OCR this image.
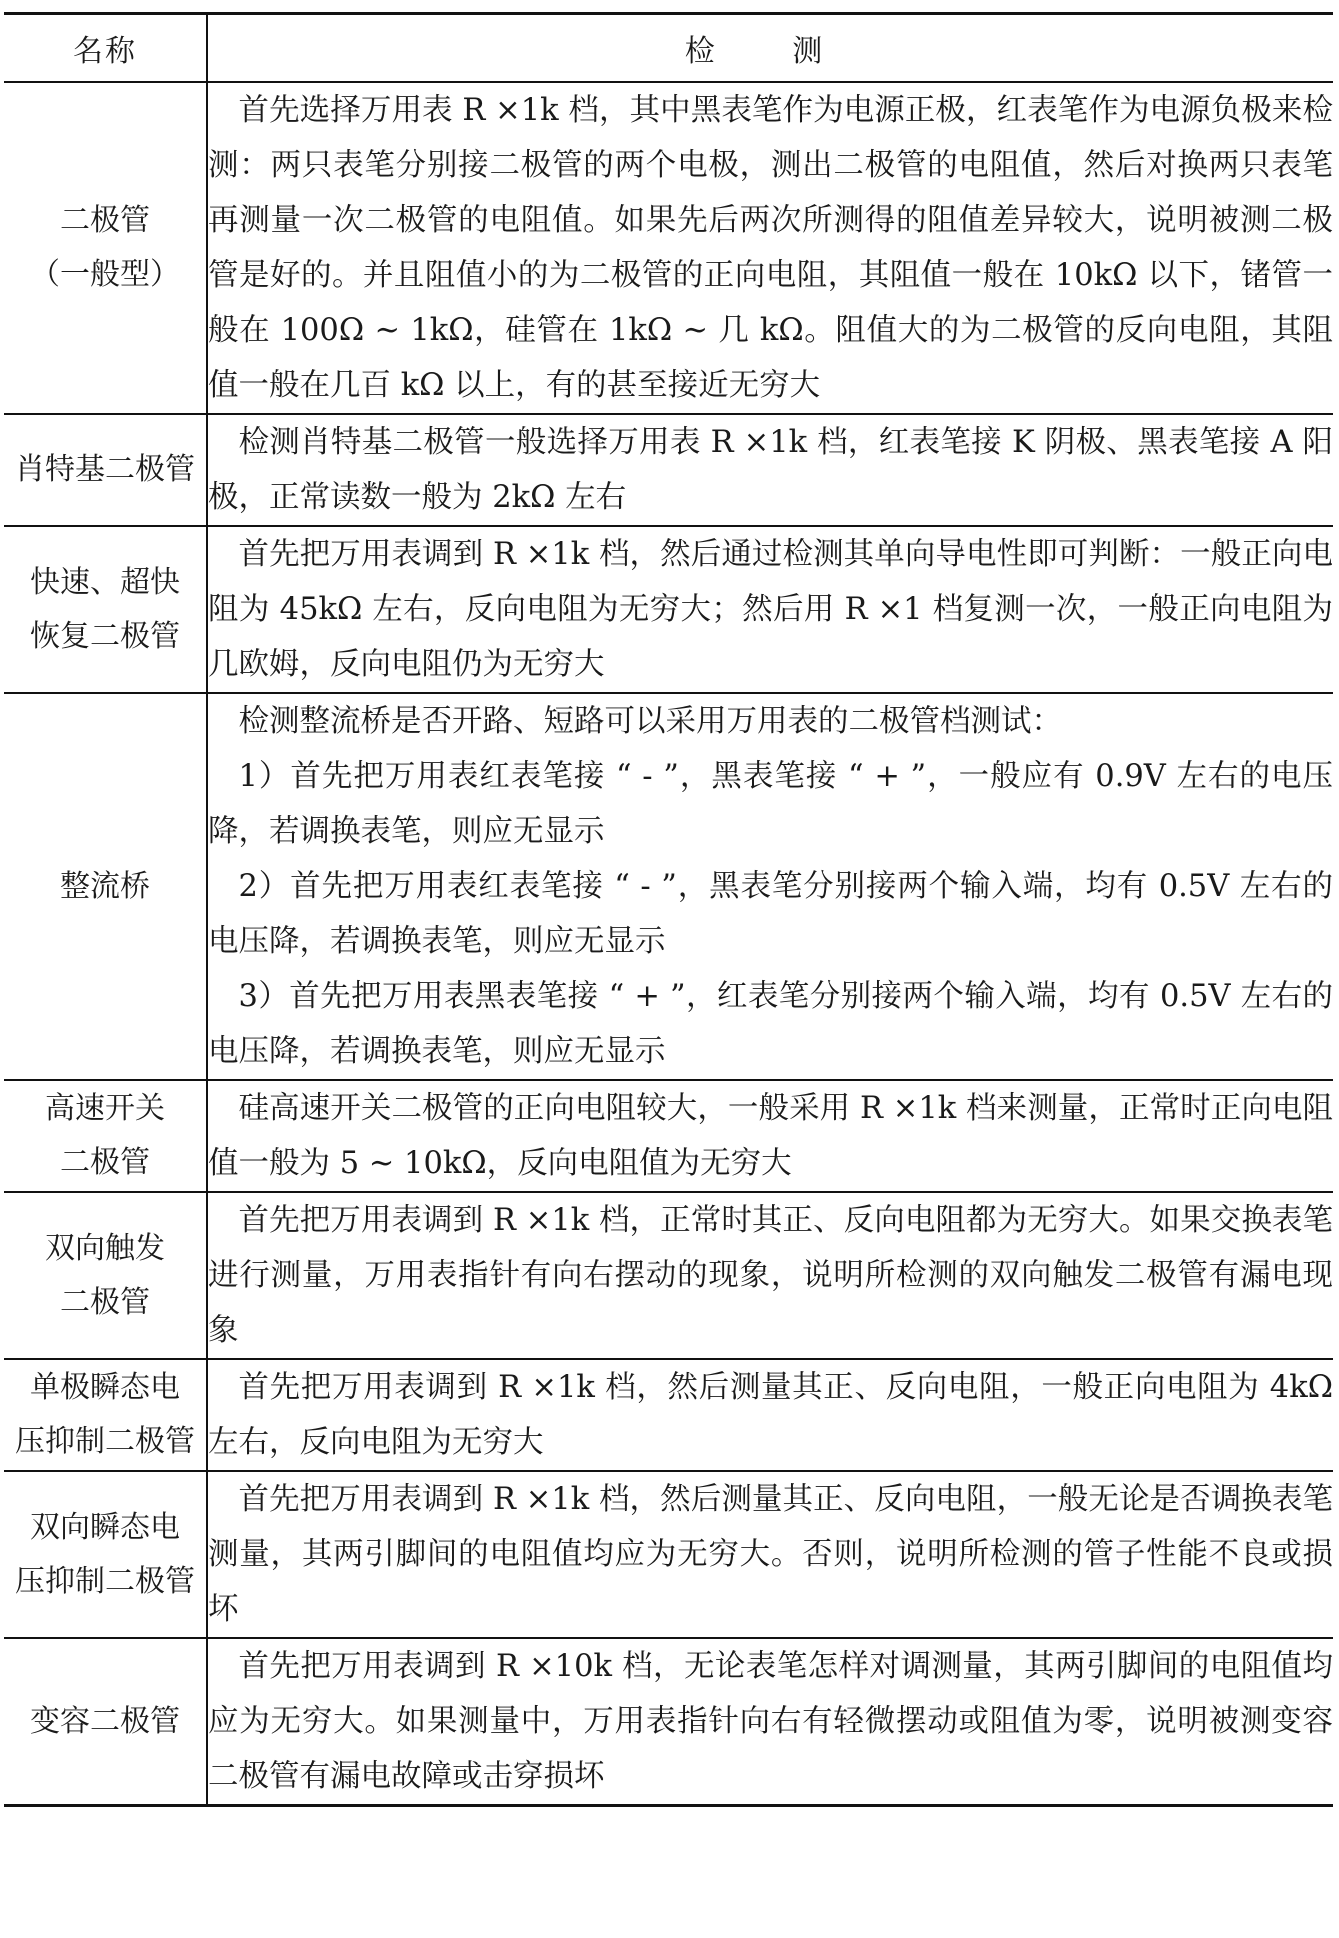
名称	检 测

二极管
（一般型）	首先选择万用表 R ×1k 档，其中黑表笔作为电源正极，红表笔作为电源负极来检测：两只表笔分别接二极管的两个电极，测出二极管的电阻值，然后对换两只表笔再测量一次二极管的电阻值。如果先后两次所测得的阻值差异较大，说明被测二极管是好的。并且阻值小的为二极管的正向电阻，其阻值一般在 10kΩ 以下，锗管一般在 100Ω ~ 1kΩ，硅管在 1kΩ ~ 几 kΩ。阻值大的为二极管的反向电阻，其阻值一般在几百 kΩ 以上，有的甚至接近无穷大

肖特基二极管	检测肖特基二极管一般选择万用表 R ×1k 档，红表笔接 K 阴极、黑表笔接 A 阳极，正常读数一般为 2kΩ 左右

快速、超快
恢复二极管	首先把万用表调到 R ×1k 档，然后通过检测其单向导电性即可判断：一般正向电阻为 45kΩ 左右，反向电阻为无穷大；然后用 R ×1 档复测一次，一般正向电阻为几欧姆，反向电阻仍为无穷大

整流桥	检测整流桥是否开路、短路可以采用万用表的二极管档测试：

1）首先把万用表红表笔接 “ - ”，黑表笔接 “ + ”，一般应有 0.9V 左右的电压降，若调换表笔，则应无显示

2）首先把万用表红表笔接 “ - ”，黑表笔分别接两个输入端，均有 0.5V 左右的电压降，若调换表笔，则应无显示

3）首先把万用表黑表笔接 “ + ”，红表笔分别接两个输入端，均有 0.5V 左右的电压降，若调换表笔，则应无显示

高速开关
二极管	硅高速开关二极管的正向电阻较大，一般采用 R ×1k 档来测量，正常时正向电阻值一般为 5 ~ 10kΩ，反向电阻值为无穷大

双向触发
二极管	首先把万用表调到 R ×1k 档，正常时其正、反向电阻都为无穷大。如果交换表笔进行测量，万用表指针有向右摆动的现象，说明所检测的双向触发二极管有漏电现象

单极瞬态电
压抑制二极管	首先把万用表调到 R ×1k 档，然后测量其正、反向电阻，一般正向电阻为 4kΩ 左右，反向电阻为无穷大

双向瞬态电
压抑制二极管	首先把万用表调到 R ×1k 档，然后测量其正、反向电阻，一般无论是否调换表笔测量，其两引脚间的电阻值均应为无穷大。否则，说明所检测的管子性能不良或损坏

变容二极管	首先把万用表调到 R ×10k 档，无论表笔怎样对调测量，其两引脚间的电阻值均应为无穷大。如果测量中，万用表指针向右有轻微摆动或阻值为零，说明被测变容二极管有漏电故障或击穿损坏
